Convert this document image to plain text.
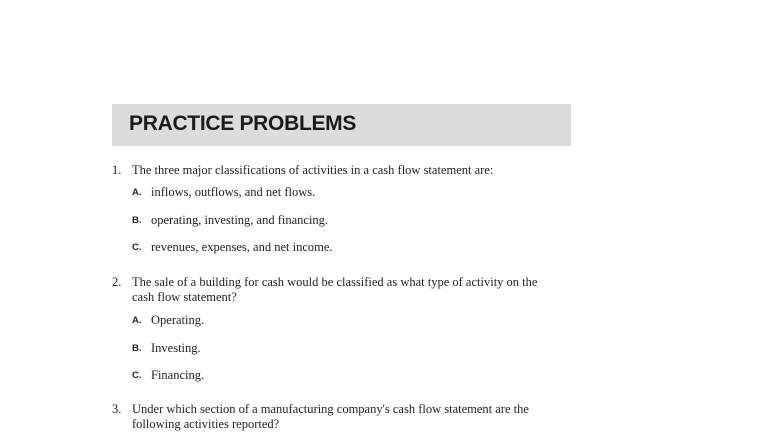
PRACTICE PROBLEMS
1. The three major classifications of activities in a cash flow statement are:
A. inflows, outflows, and net flows.
B. operating, investing, and financing.
C. revenues, expenses, and net income.
2. The sale of a building for cash would be classified as what type of activity on the
cash flow statement?
A. Operating.
B. Investing.
C. Financing.
3. Under which section of a manufacturing company's cash flow statement are the
following activities reported?
